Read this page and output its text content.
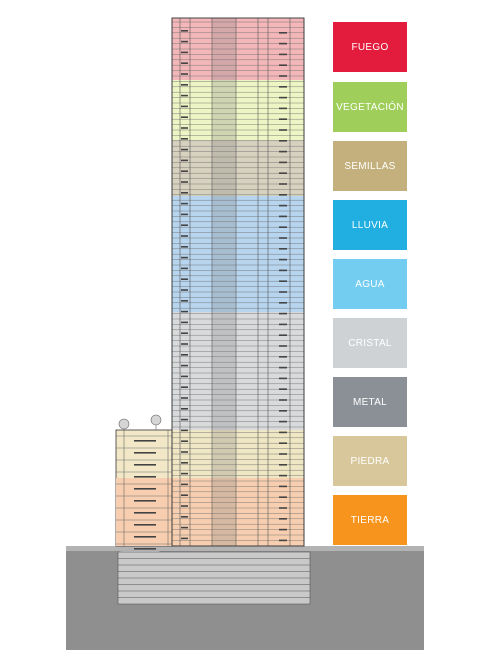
FUEGO
VEGETACIÓN
SEMILLAS
LLUVIA
AGUA
CRISTAL
METAL
PIEDRA
TIERRA
